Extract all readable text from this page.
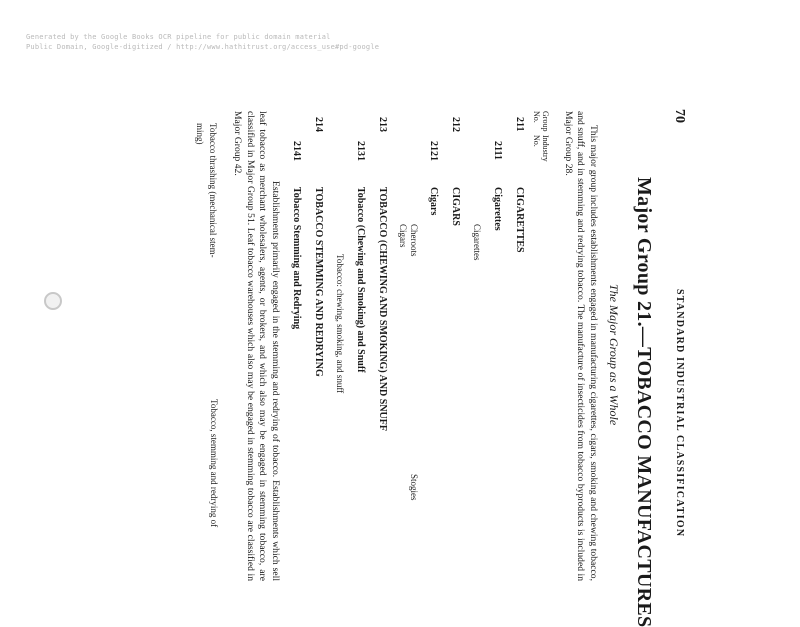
Generated by the Google Books OCR pipeline for public domain material
Public Domain, Google-digitized / http://www.hathitrust.org/access_use#pd-google
70
STANDARD INDUSTRIAL CLASSIFICATION
Major Group 21.—TOBACCO MANUFACTURES
The Major Group as a Whole
This major group includes establishments engaged in manufacturing cigarettes, cigars, smoking and chewing tobacco, and snuff, and in stemming and redrying tobacco. The manufacture of insecticides from tobacco byproducts is included in Major Group 28.
Group No.
Industry No.
211
CIGARETTES
2111
Cigarettes
Cigarettes
212
CIGARS
2121
Cigars
Cheroots
Cigars
Stogies
213
TOBACCO (CHEWING AND SMOKING) AND SNUFF
2131
Tobacco (Chewing and Smoking) and Snuff
Tobacco: chewing, smoking, and snuff
214
TOBACCO STEMMING AND REDRYING
2141
Tobacco Stemming and Redrying
Establishments primarily engaged in the stemming and redrying of tobacco. Establishments which sell leaf tobacco as merchant wholesalers, agents, or brokers, and which also may be engaged in stemming tobacco, are classified in Major Group 51. Leaf tobacco warehouses which also may be engaged in stemming tobacco are classified in Major Group 42.
Tobacco thrashing (mechanical stem-ming)
Tobacco, stemming and redrying of
